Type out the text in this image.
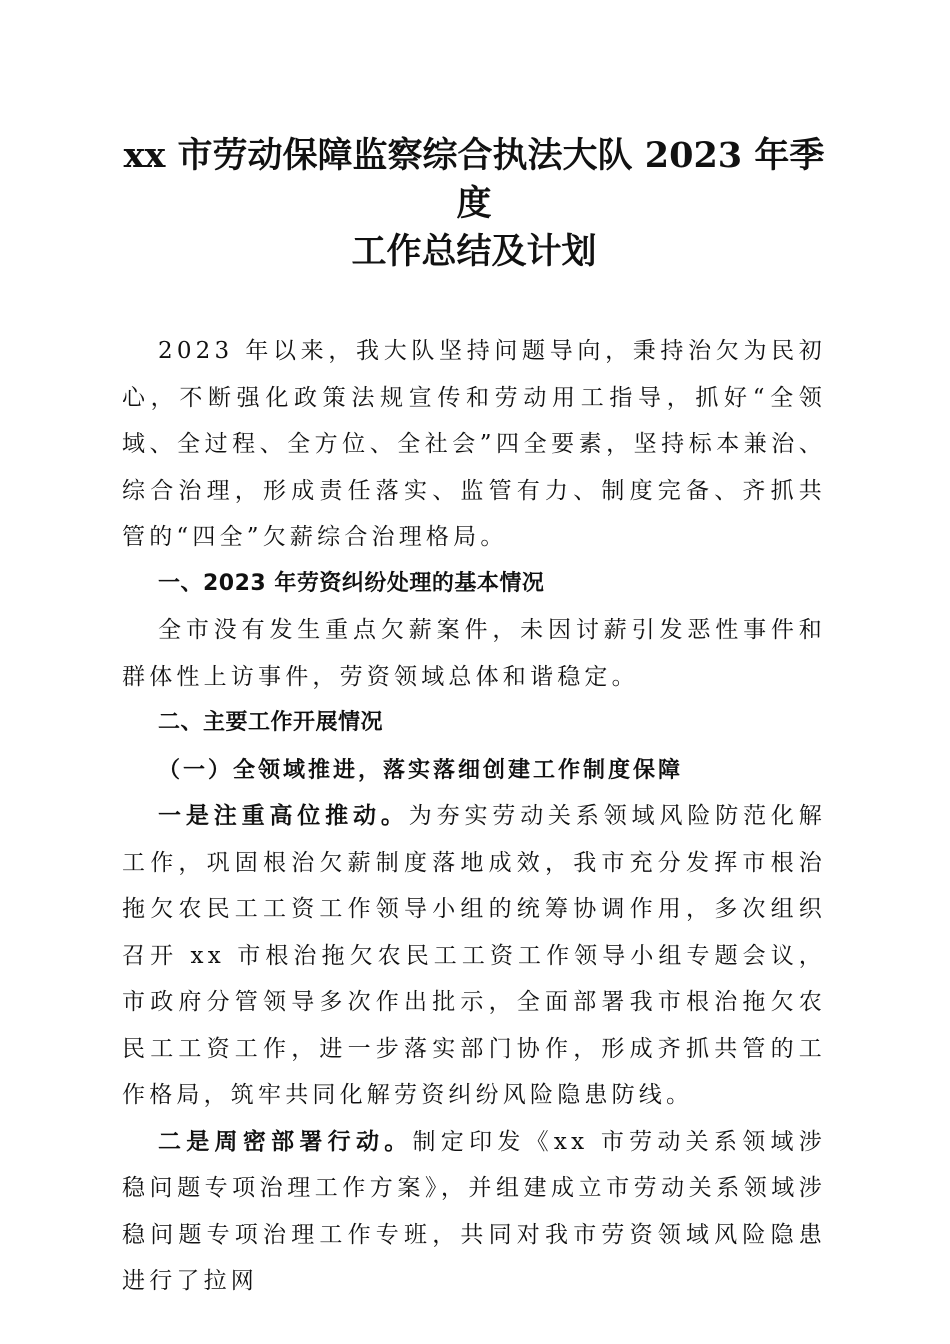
xx 市劳动保障监察综合执法大队 2023 年季度
工作总结及计划

2023 年以来，我大队坚持问题导向，秉持治欠为民初心，不断强化政策法规宣传和劳动用工指导，抓好“全领域、全过程、全方位、全社会”四全要素，坚持标本兼治、综合治理，形成责任落实、监管有力、制度完备、齐抓共管的“四全”欠薪综合治理格局。

一、2023 年劳资纠纷处理的基本情况

全市没有发生重点欠薪案件，未因讨薪引发恶性事件和群体性上访事件，劳资领域总体和谐稳定。

二、主要工作开展情况

（一）全领域推进，落实落细创建工作制度保障

一是注重高位推动。为夯实劳动关系领域风险防范化解工作，巩固根治欠薪制度落地成效，我市充分发挥市根治拖欠农民工工资工作领导小组的统筹协调作用，多次组织召开 xx 市根治拖欠农民工工资工作领导小组专题会议，市政府分管领导多次作出批示，全面部署我市根治拖欠农民工工资工作，进一步落实部门协作，形成齐抓共管的工作格局，筑牢共同化解劳资纠纷风险隐患防线。

二是周密部署行动。制定印发《xx 市劳动关系领域涉稳问题专项治理工作方案》，并组建成立市劳动关系领域涉稳问题专项治理工作专班，共同对我市劳资领域风险隐患进行了拉网
